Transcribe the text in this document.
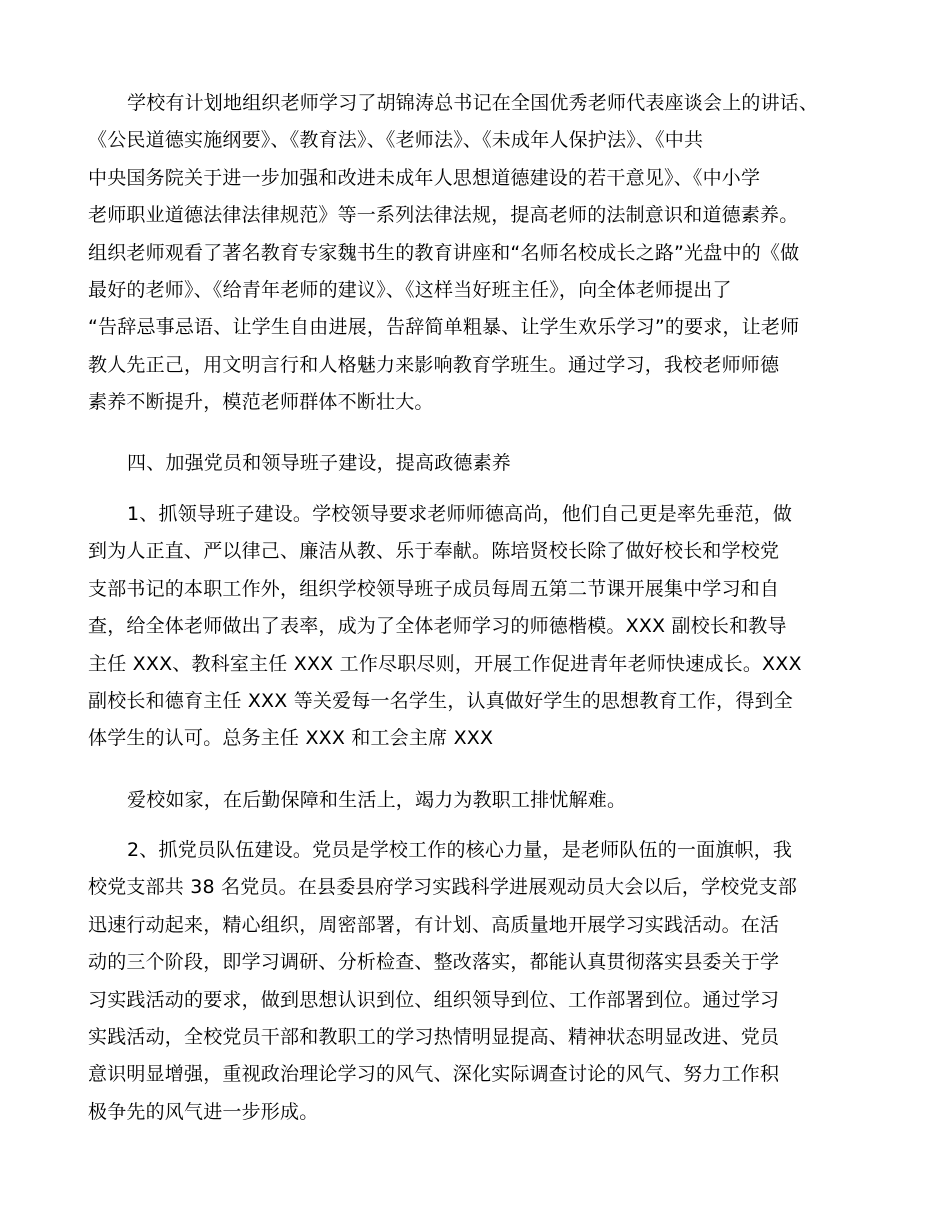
学校有计划地组织老师学习了胡锦涛总书记在全国优秀老师代表座谈会上的讲话、
《公民道德实施纲要》、《教育法》、《老师法》、《未成年人保护法》、《中共
中央国务院关于进一步加强和改进未成年人思想道德建设的若干意见》、《中小学
老师职业道德法律法律规范》等一系列法律法规，提高老师的法制意识和道德素养。
组织老师观看了著名教育专家魏书生的教育讲座和“名师名校成长之路”光盘中的《做
最好的老师》、《给青年老师的建议》、《这样当好班主任》，向全体老师提出了
“告辞忌事忌语、让学生自由进展，告辞简单粗暴、让学生欢乐学习”的要求，让老师
教人先正己，用文明言行和人格魅力来影响教育学班生。通过学习，我校老师师德
素养不断提升，模范老师群体不断壮大。
四、加强党员和领导班子建设，提高政德素养
1、抓领导班子建设。学校领导要求老师师德高尚，他们自己更是率先垂范，做
到为人正直、严以律己、廉洁从教、乐于奉献。陈培贤校长除了做好校长和学校党
支部书记的本职工作外，组织学校领导班子成员每周五第二节课开展集中学习和自
查，给全体老师做出了表率，成为了全体老师学习的师德楷模。XXX 副校长和教导
主任 XXX、教科室主任 XXX 工作尽职尽则，开展工作促进青年老师快速成长。XXX
副校长和德育主任 XXX 等关爱每一名学生，认真做好学生的思想教育工作，得到全
体学生的认可。总务主任 XXX 和工会主席 XXX
爱校如家，在后勤保障和生活上，竭力为教职工排忧解难。
2、抓党员队伍建设。党员是学校工作的核心力量，是老师队伍的一面旗帜，我
校党支部共 38 名党员。在县委县府学习实践科学进展观动员大会以后，学校党支部
迅速行动起来，精心组织，周密部署，有计划、高质量地开展学习实践活动。在活
动的三个阶段，即学习调研、分析检查、整改落实，都能认真贯彻落实县委关于学
习实践活动的要求，做到思想认识到位、组织领导到位、工作部署到位。通过学习
实践活动，全校党员干部和教职工的学习热情明显提高、精神状态明显改进、党员
意识明显增强，重视政治理论学习的风气、深化实际调查讨论的风气、努力工作积
极争先的风气进一步形成。
